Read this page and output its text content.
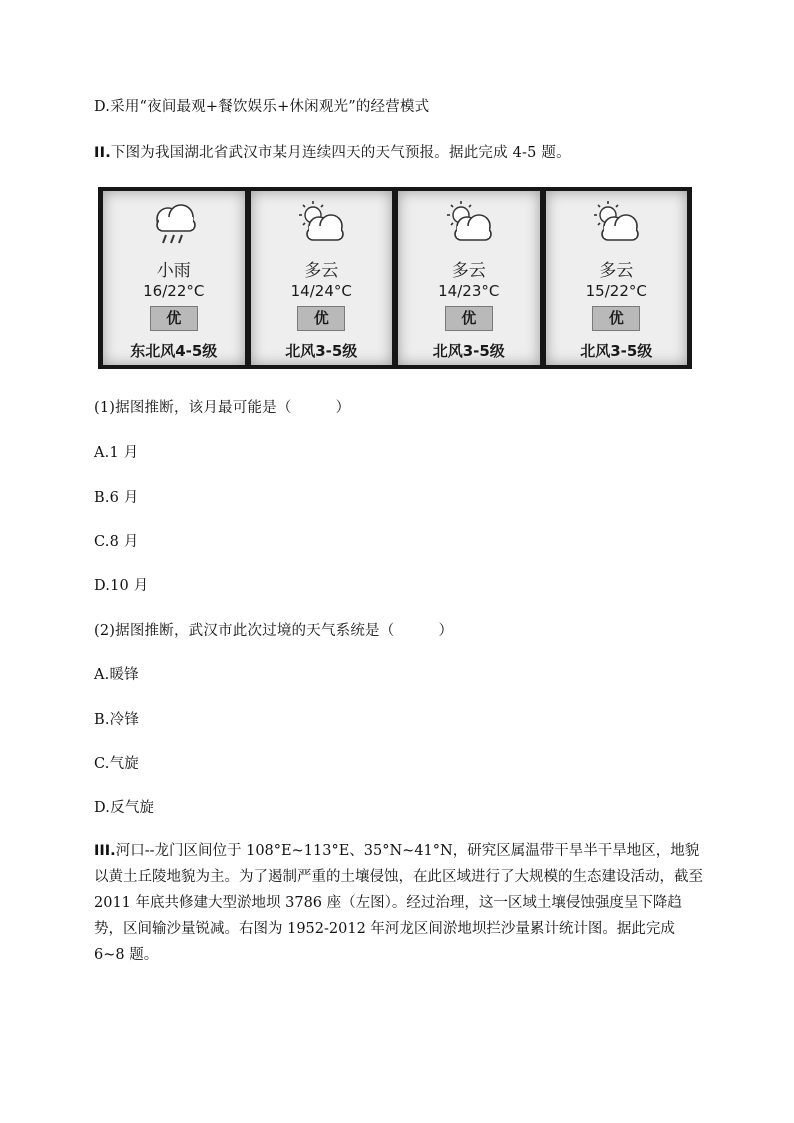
D.采用“夜间最观+餐饮娱乐+休闲观光”的经营模式
II.下图为我国湖北省武汉市某月连续四天的天气预报。据此完成 4-5 题。
小雨
16/22°C
优
东北风4-5级
多云
14/24°C
优
北风3-5级
多云
14/23°C
优
北风3-5级
多云
15/22°C
优
北风3-5级
(1)据图推断，该月最可能是（　　　）
A.1 月
B.6 月
C.8 月
D.10 月
(2)据图推断，武汉市此次过境的天气系统是（　　　）
A.暖锋
B.冷锋
C.气旋
D.反气旋
III.河口--龙门区间位于 108°E~113°E、35°N~41°N，研究区属温带干旱半干旱地区，地貌以黄土丘陵地貌为主。为了遏制严重的土壤侵蚀，在此区域进行了大规模的生态建设活动，截至 2011 年底共修建大型淤地坝 3786 座（左图）。经过治理，这一区域土壤侵蚀强度呈下降趋势，区间输沙量锐减。右图为 1952-2012 年河龙区间淤地坝拦沙量累计统计图。据此完成 6~8 题。
